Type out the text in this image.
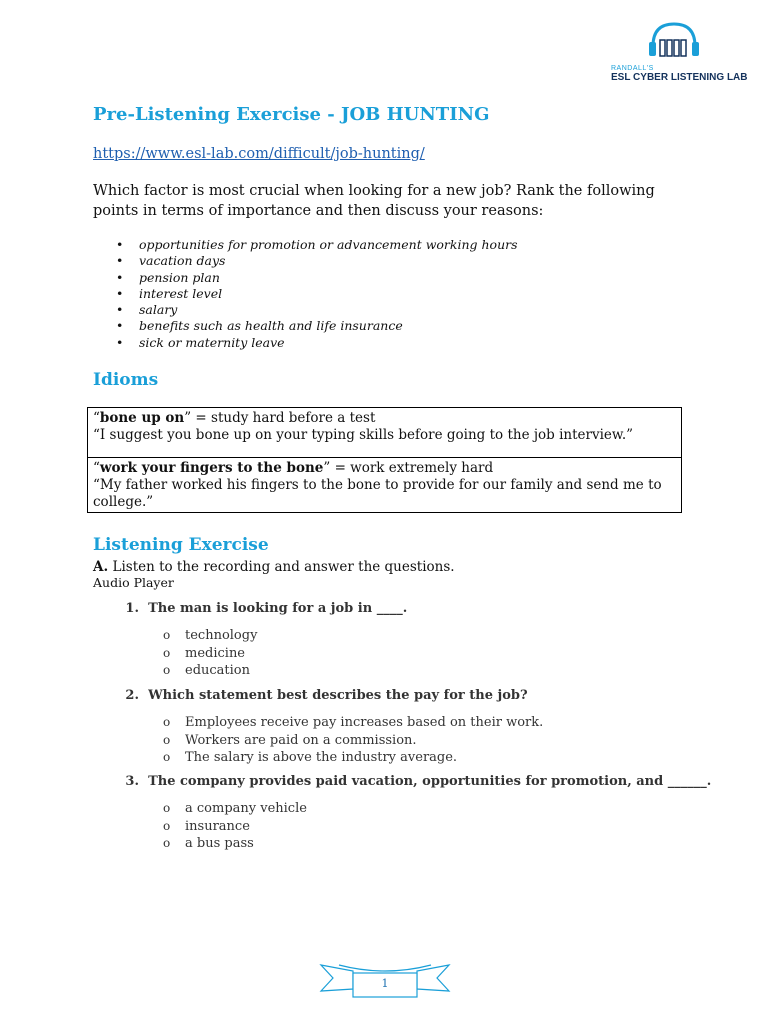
RANDALL'S
ESL CYBER LISTENING LAB
Pre-Listening Exercise - JOB HUNTING
https://www.esl-lab.com/difficult/job-hunting/
Which factor is most crucial when looking for a new job? Rank the following points in terms of importance and then discuss your reasons:
• opportunities for promotion or advancement working hours
• vacation days
• pension plan
• interest level
• salary
• benefits such as health and life insurance
• sick or maternity leave
Idioms
“bone up on” = study hard before a test
“I suggest you bone up on your typing skills before going to the job interview.”
“work your fingers to the bone” = work extremely hard
“My father worked his fingers to the bone to provide for our family and send me to college.”
Listening Exercise
A. Listen to the recording and answer the questions.
Audio Player
1. The man is looking for a job in ____.
o technology
o medicine
o education
2. Which statement best describes the pay for the job?
o Employees receive pay increases based on their work.
o Workers are paid on a commission.
o The salary is above the industry average.
3. The company provides paid vacation, opportunities for promotion, and ______.
o a company vehicle
o insurance
o a bus pass
1
